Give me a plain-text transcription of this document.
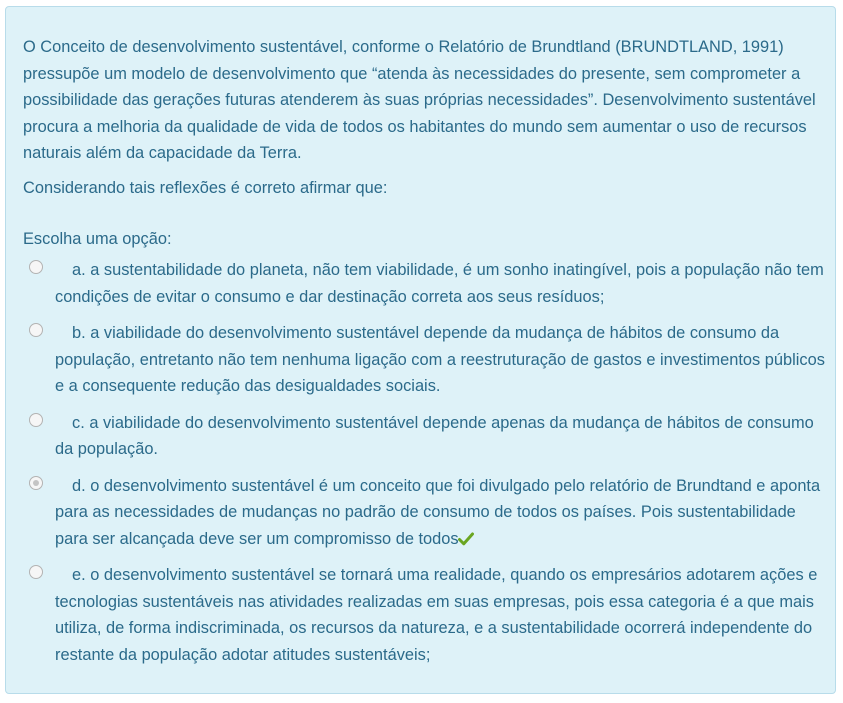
O Conceito de desenvolvimento sustentável, conforme o Relatório de Brundtland (BRUNDTLAND, 1991) pressupõe um modelo de desenvolvimento que “atenda às necessidades do presente, sem comprometer a possibilidade das gerações futuras atenderem às suas próprias necessidades”. Desenvolvimento sustentável procura a melhoria da qualidade de vida de todos os habitantes do mundo sem aumentar o uso de recursos naturais além da capacidade da Terra.

Considerando tais reflexões é correto afirmar que:

Escolha uma opção:

a. a sustentabilidade do planeta, não tem viabilidade, é um sonho inatingível, pois a população não tem condições de evitar o consumo e dar destinação correta aos seus resíduos;
b. a viabilidade do desenvolvimento sustentável depende da mudança de hábitos de consumo da população, entretanto não tem nenhuma ligação com a reestruturação de gastos e investimentos públicos e a consequente redução das desigualdades sociais.
c. a viabilidade do desenvolvimento sustentável depende apenas da mudança de hábitos de consumo da população.
d. o desenvolvimento sustentável é um conceito que foi divulgado pelo relatório de Brundtand e aponta para as necessidades de mudanças no padrão de consumo de todos os países. Pois sustentabilidade para ser alcançada deve ser um compromisso de todos
e. o desenvolvimento sustentável se tornará uma realidade, quando os empresários adotarem ações e tecnologias sustentáveis nas atividades realizadas em suas empresas, pois essa categoria é a que mais utiliza, de forma indiscriminada, os recursos da natureza, e a sustentabilidade ocorrerá independente do restante da população adotar atitudes sustentáveis;
